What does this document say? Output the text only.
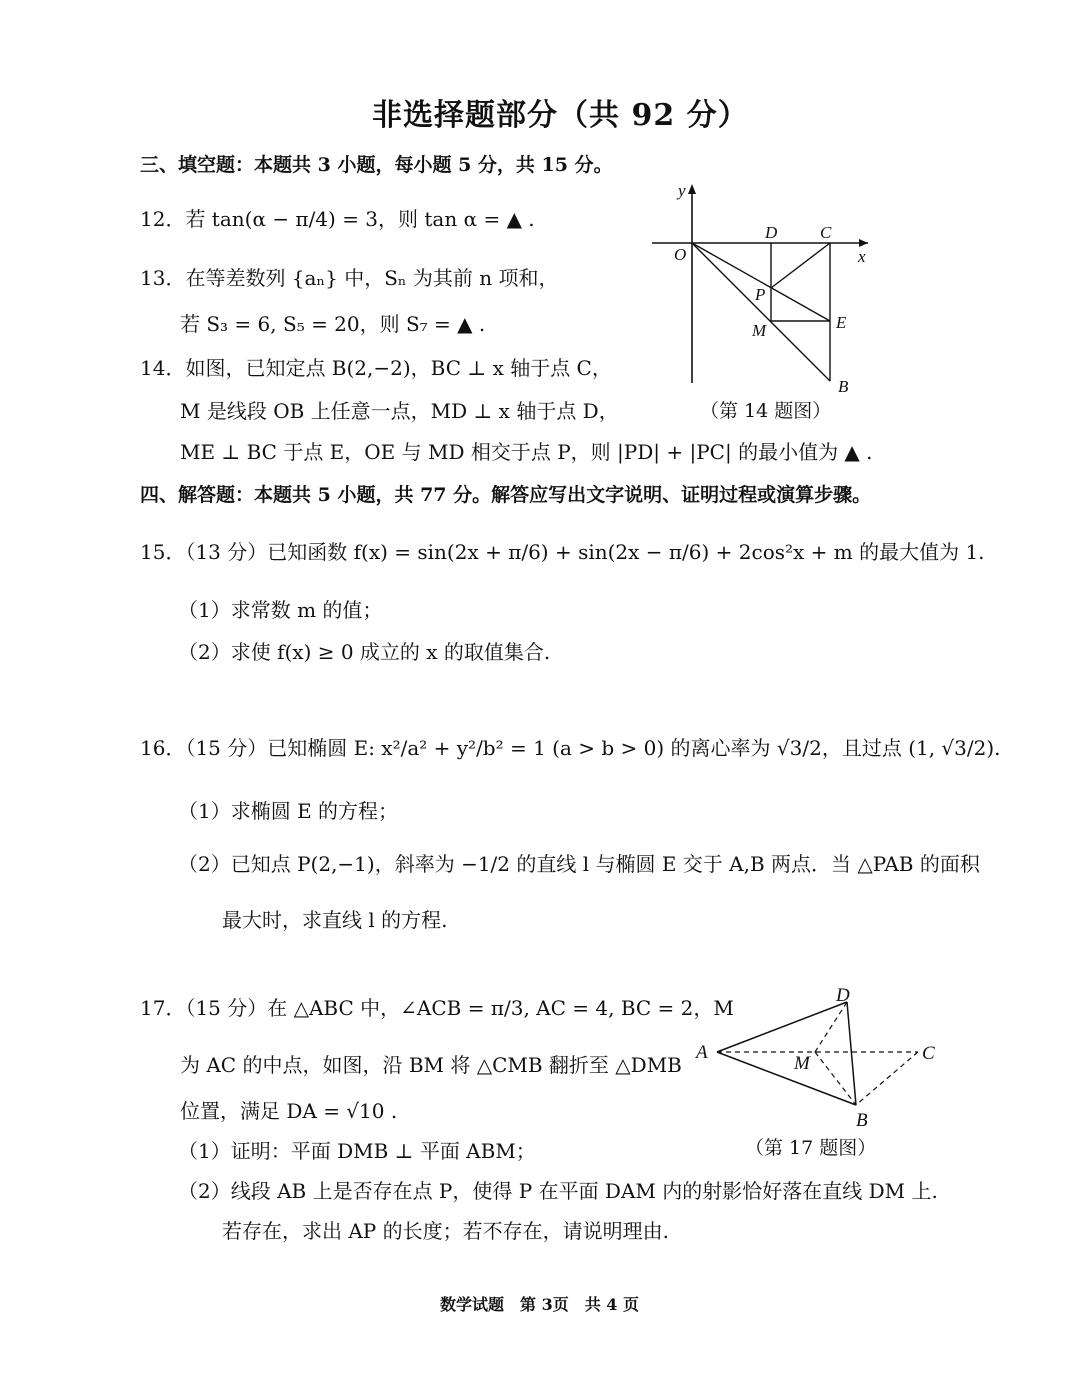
非选择题部分（共 92 分）
三、填空题：本题共 3 小题，每小题 5 分，共 15 分。
12．若 tan(α − π/4) = 3，则 tan α = ▲ .
13．在等差数列 {aₙ} 中，Sₙ 为其前 n 项和，
若 S₃ = 6, S₅ = 20，则 S₇ = ▲ .
14．如图，已知定点 B(2,−2)，BC ⊥ x 轴于点 C，
M 是线段 OB 上任意一点，MD ⊥ x 轴于点 D，
ME ⊥ BC 于点 E，OE 与 MD 相交于点 P，则 |PD| + |PC| 的最小值为 ▲ .
y
x
O
D	C
P
M	E
B
（第 14 题图）
四、解答题：本题共 5 小题，共 77 分。解答应写出文字说明、证明过程或演算步骤。
15．（13 分）已知函数 f(x) = sin(2x + π/6) + sin(2x − π/6) + 2cos²x + m 的最大值为 1.
（1）求常数 m 的值；
（2）求使 f(x) ≥ 0 成立的 x 的取值集合.
16．（15 分）已知椭圆 E: x²/a² + y²/b² = 1 (a > b > 0) 的离心率为 √3/2，且过点 (1, √3/2).
（1）求椭圆 E 的方程；
（2）已知点 P(2,−1)，斜率为 −1/2 的直线 l 与椭圆 E 交于 A,B 两点．当 △PAB 的面积
最大时，求直线 l 的方程.
17．（15 分）在 △ABC 中，∠ACB = π/3, AC = 4, BC = 2，M
为 AC 的中点，如图，沿 BM 将 △CMB 翻折至 △DMB
位置，满足 DA = √10 .
（1）证明：平面 DMB ⊥ 平面 ABM；
（2）线段 AB 上是否存在点 P，使得 P 在平面 DAM 内的射影恰好落在直线 DM 上.
若存在，求出 AP 的长度；若不存在，请说明理由.
D
A
M	C
B
（第 17 题图）
数学试题　第 3页　共 4 页
